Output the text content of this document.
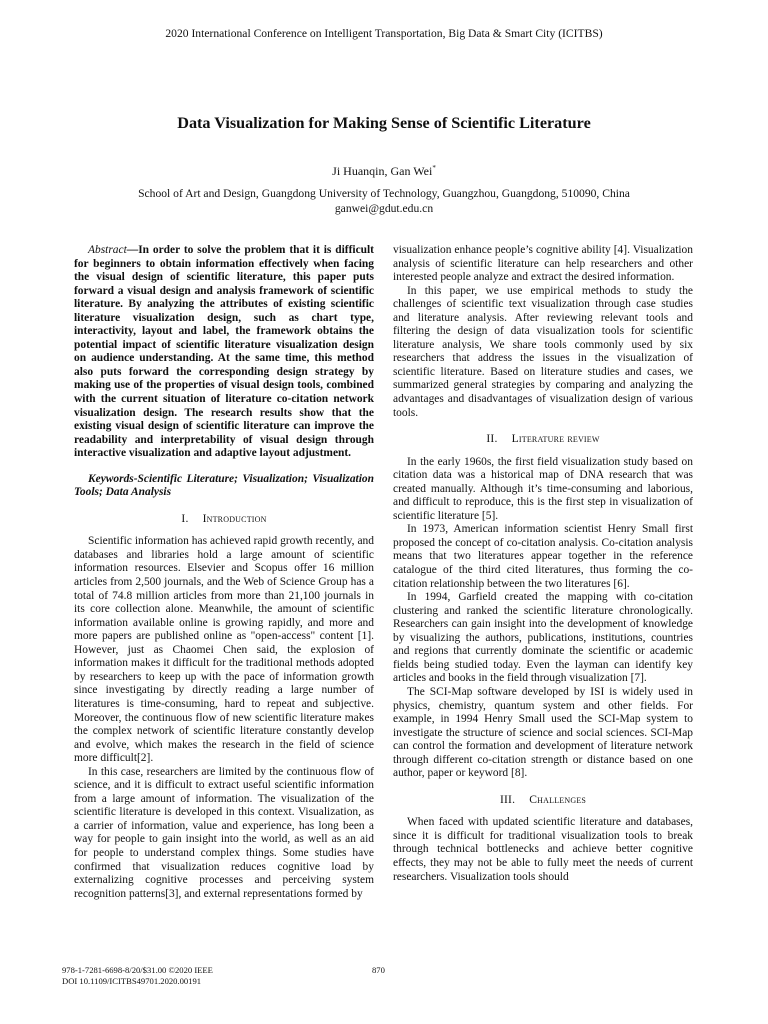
2020 International Conference on Intelligent Transportation, Big Data & Smart City (ICITBS)
Data Visualization for Making Sense of Scientific Literature
Ji Huanqin, Gan Wei*
School of Art and Design, Guangdong University of Technology, Guangzhou, Guangdong, 510090, China
ganwei@gdut.edu.cn

Abstract—In order to solve the problem that it is difficult for beginners to obtain information effectively when facing the visual design of scientific literature, this paper puts forward a visual design and analysis framework of scientific literature. By analyzing the attributes of existing scientific literature visualization design, such as chart type, interactivity, layout and label, the framework obtains the potential impact of scientific literature visualization design on audience understanding. At the same time, this method also puts forward the corresponding design strategy by making use of the properties of visual design tools, combined with the current situation of literature co-citation network visualization design. The research results show that the existing visual design of scientific literature can improve the readability and interpretability of visual design through interactive visualization and adaptive layout adjustment.

Keywords-Scientific Literature; Visualization; Visualization Tools; Data Analysis

I. Introduction

Scientific information has achieved rapid growth recently, and databases and libraries hold a large amount of scientific information resources. Elsevier and Scopus offer 16 million articles from 2,500 journals, and the Web of Science Group has a total of 74.8 million articles from more than 21,100 journals in its core collection alone. Meanwhile, the amount of scientific information available online is growing rapidly, and more and more papers are published online as "open-access" content [1]. However, just as Chaomei Chen said, the explosion of information makes it difficult for the traditional methods adopted by researchers to keep up with the pace of information growth since investigating by directly reading a large number of literatures is time-consuming, hard to repeat and subjective. Moreover, the continuous flow of new scientific literature makes the complex network of scientific literature constantly develop and evolve, which makes the research in the field of science more difficult[2].

In this case, researchers are limited by the continuous flow of science, and it is difficult to extract useful scientific information from a large amount of information. The visualization of the scientific literature is developed in this context. Visualization, as a carrier of information, value and experience, has long been a way for people to gain insight into the world, as well as an aid for people to understand complex things. Some studies have confirmed that visualization reduces cognitive load by externalizing cognitive processes and perceiving system recognition patterns[3], and external representations formed by

visualization enhance people’s cognitive ability [4]. Visualization analysis of scientific literature can help researchers and other interested people analyze and extract the desired information.

In this paper, we use empirical methods to study the challenges of scientific text visualization through case studies and literature analysis. After reviewing relevant tools and filtering the design of data visualization tools for scientific literature analysis, We share tools commonly used by six researchers that address the issues in the visualization of scientific literature. Based on literature studies and cases, we summarized general strategies by comparing and analyzing the advantages and disadvantages of visualization design of various tools.

II. Literature review

In the early 1960s, the first field visualization study based on citation data was a historical map of DNA research that was created manually. Although it’s time-consuming and laborious, and difficult to reproduce, this is the first step in visualization of scientific literature [5].

In 1973, American information scientist Henry Small first proposed the concept of co-citation analysis. Co-citation analysis means that two literatures appear together in the reference catalogue of the third cited literatures, thus forming the co-citation relationship between the two literatures [6].

In 1994, Garfield created the mapping with co-citation clustering and ranked the scientific literature chronologically. Researchers can gain insight into the development of knowledge by visualizing the authors, publications, institutions, countries and regions that currently dominate the scientific or academic fields being studied today. Even the layman can identify key articles and books in the field through visualization [7].

The SCI-Map software developed by ISI is widely used in physics, chemistry, quantum system and other fields. For example, in 1994 Henry Small used the SCI-Map system to investigate the structure of science and social sciences. SCI-Map can control the formation and development of literature network through different co-citation strength or distance based on one author, paper or keyword [8].

III. Challenges

When faced with updated scientific literature and databases, since it is difficult for traditional visualization tools to break through technical bottlenecks and achieve better cognitive effects, they may not be able to fully meet the needs of current researchers. Visualization tools should

978-1-7281-6698-8/20/$31.00 ©2020 IEEE
DOI 10.1109/ICITBS49701.2020.00191
870
